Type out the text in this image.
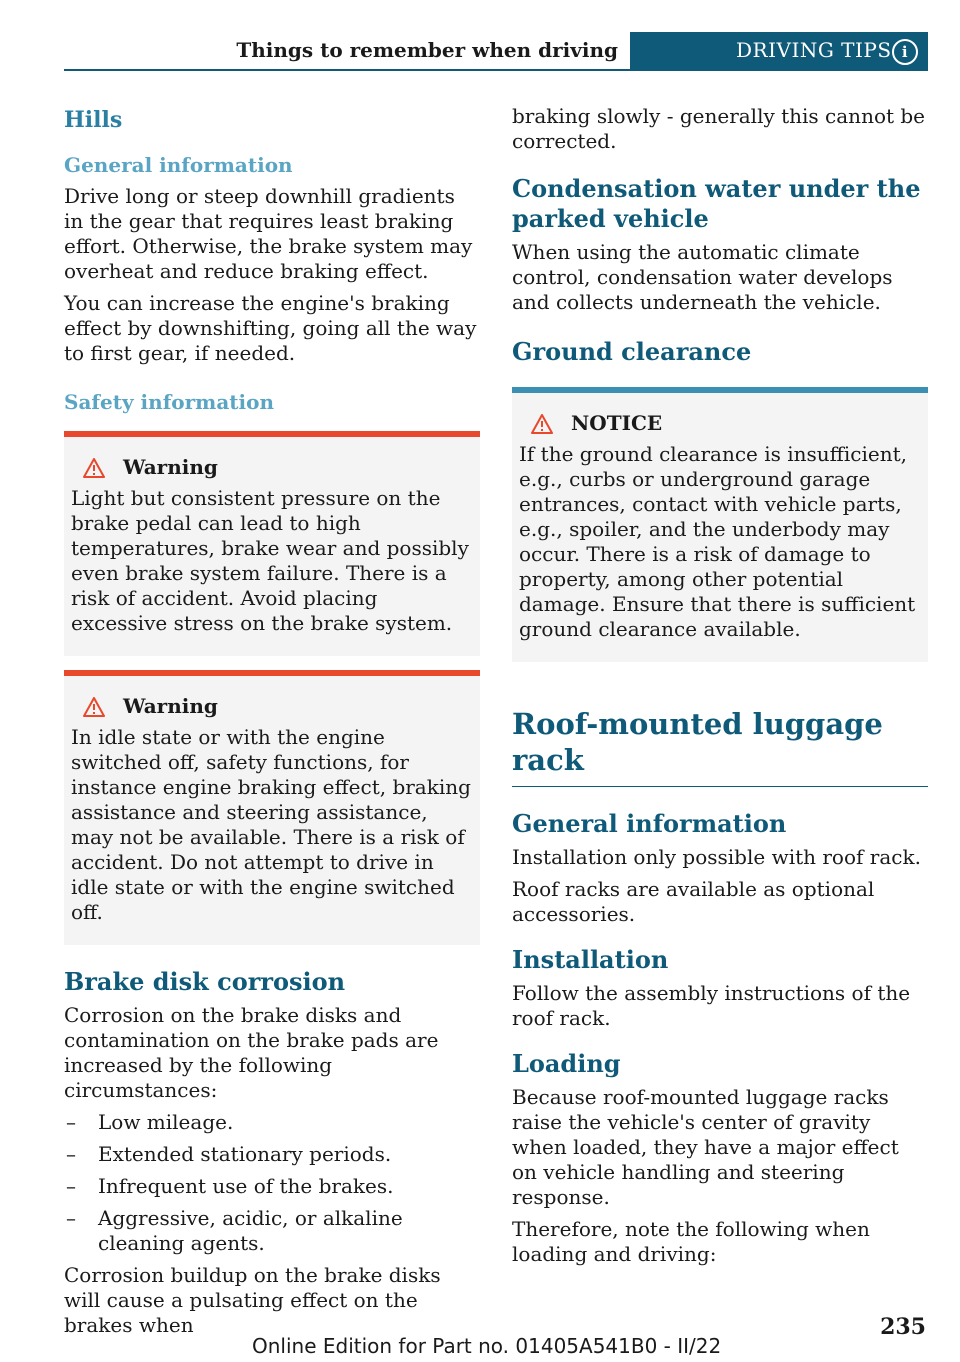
Things to remember when driving	DRIVING TIPS i
Hills
General information

Drive long or steep downhill gradients in the gear that requires least braking effort. Otherwise, the brake system may overheat and reduce braking effect.

You can increase the engine's braking effect by downshifting, going all the way to first gear, if needed.

Safety information
Warning
Light but consistent pressure on the brake pedal can lead to high temperatures, brake wear and possibly even brake system failure. There is a risk of accident. Avoid placing excessive stress on the brake system.
Warning
In idle state or with the engine switched off, safety functions, for instance engine braking effect, braking assistance and steering assistance, may not be available. There is a risk of accident. Do not attempt to drive in idle state or with the engine switched off.
Brake disk corrosion

Corrosion on the brake disks and contamination on the brake pads are increased by the following circumstances:

– Low mileage.
– Extended stationary periods.
– Infrequent use of the brakes.
– Aggressive, acidic, or alkaline cleaning agents.

Corrosion buildup on the brake disks will cause a pulsating effect on the brakes when

braking slowly - generally this cannot be corrected.

Condensation water under the parked vehicle

When using the automatic climate control, condensation water develops and collects underneath the vehicle.

Ground clearance
NOTICE
If the ground clearance is insufficient, e.g., curbs or underground garage entrances, contact with vehicle parts, e.g., spoiler, and the underbody may occur. There is a risk of damage to property, among other potential damage. Ensure that there is sufficient ground clearance available.
Roof-mounted luggage rack
General information

Installation only possible with roof rack.

Roof racks are available as optional accessories.

Installation

Follow the assembly instructions of the roof rack.

Loading

Because roof-mounted luggage racks raise the vehicle's center of gravity when loaded, they have a major effect on vehicle handling and steering response.

Therefore, note the following when loading and driving:

235
Online Edition for Part no. 01405A541B0 - II/22
